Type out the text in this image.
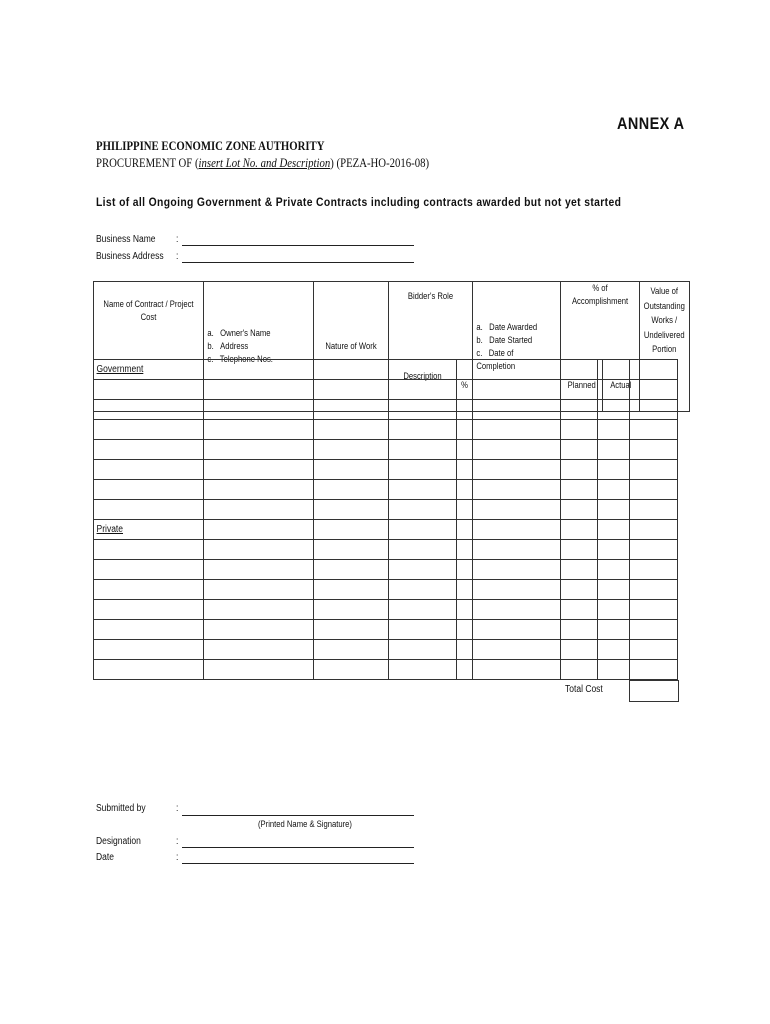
ANNEX A
PHILIPPINE ECONOMIC ZONE AUTHORITY
PROCUREMENT OF (insert Lot No. and Description) (PEZA-HO-2016-08)
List of all Ongoing Government & Private Contracts including contracts awarded but not yet started
Business Name :
Business Address :
Name of Contract / Project Cost	a. Owner's Name
b. Address
c. Telephone Nos.	Nature of Work	Bidder's Role		a. Date Awarded
b. Date Started
c. Date of Completion	% of Accomplishment		Value of Outstanding Works / Undelivered Portion

			Description	%		Planned	Actual	
Government								

Private								

Total Cost
Submitted by	:
(Printed Name & Signature)
Designation	:
Date	:
